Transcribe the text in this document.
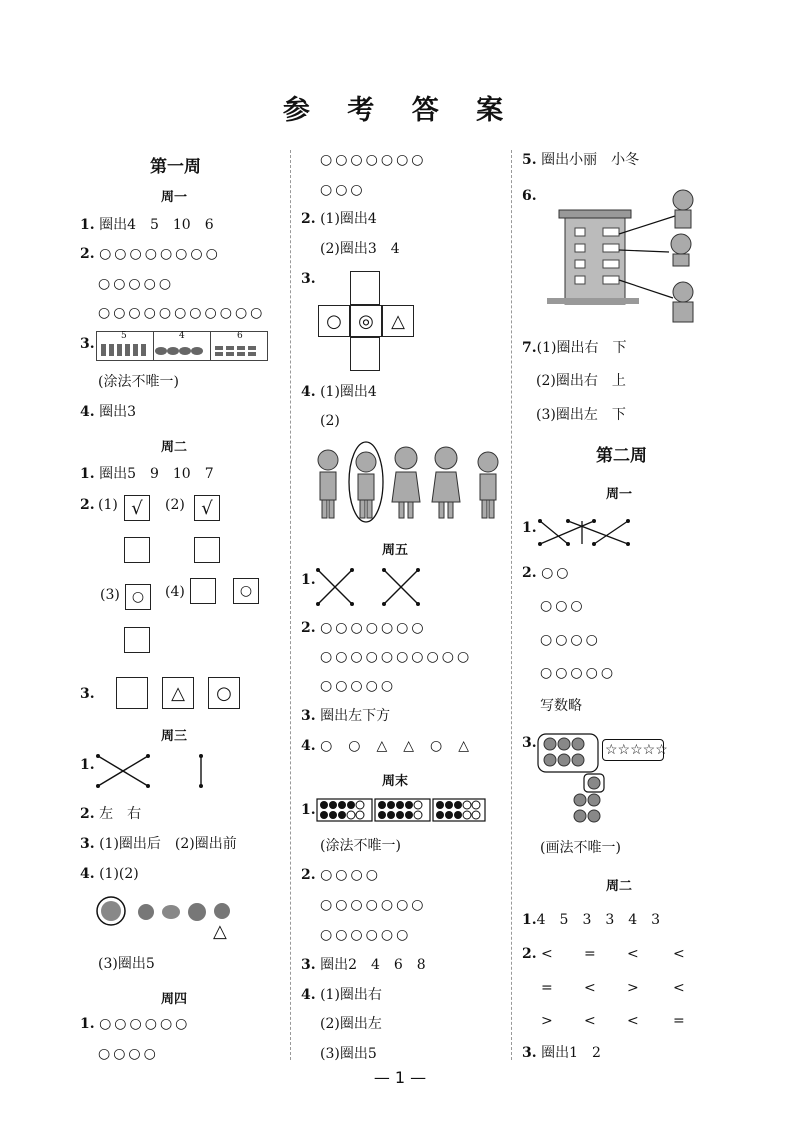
参 考 答 案
第一周
周一
1. 圈出4　5　10　6
2. ○○○○○○○○
○○○○○
○○○○○○○○○○○
3.	5	4	6
(涂法不唯一)
4. 圈出3
周二
1. 圈出5　9　10　7
2. (1) √	(2) √
(3) ○	(4)	○
3.	△	○
周三
1.
2. 左　右
3. (1)圈出后　(2)圈出前
4. (1)(2)
△
(3)圈出5
周四
1. ○○○○○○
○○○○
○○○○○○○
○○○
2. (1)圈出4
(2)圈出3　4
3.
○ ◎ △
4. (1)圈出4
(2)
周五
1.
2. ○○○○○○○
○○○○○○○○○○
○○○○○
3. 圈出左下方
4. ○　○　△　△　○　△
周末
1.
(涂法不唯一)
2. ○○○○
○○○○○○○
○○○○○○
3. 圈出2　4　6　8
4. (1)圈出右
(2)圈出左
(3)圈出5
5. 圈出小丽　小冬
6.
7.(1)圈出右　下
(2)圈出右　上
(3)圈出左　下
第二周
周一
1.
2. ○○
○○○
○○○○
○○○○○
写数略
3.	☆☆☆☆☆
(画法不唯一)
周二
1.4　5　3　3　4　3
2. < = < <
= < > <
> < < =
3. 圈出1　2
— 1 —
